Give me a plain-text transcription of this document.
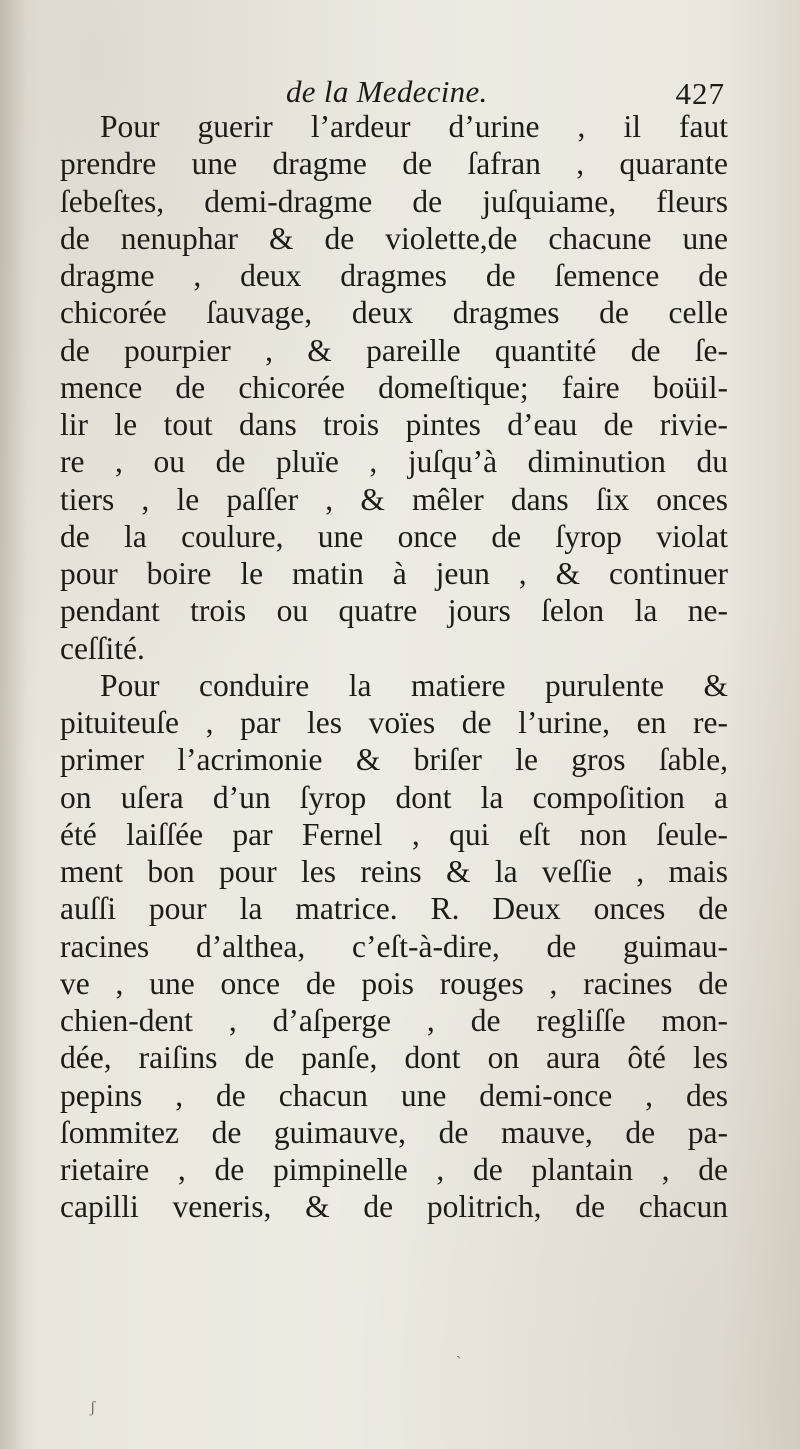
de la Medecine.	427
Pour guerir l’ardeur d’urine , il faut
prendre une dragme de ſafran , quarante
ſebeſtes, demi-dragme de juſquiame, fleurs
de nenuphar & de violette,de chacune une
dragme , deux dragmes de ſemence de
chicorée ſauvage, deux dragmes de celle
de pourpier , & pareille quantité de ſe-
mence de chicorée domeſtique; faire boüil-
lir le tout dans trois pintes d’eau de rivie-
re , ou de pluïe , juſqu’à diminution du
tiers , le paſſer , & mêler dans ſix onces
de la coulure, une once de ſyrop violat
pour boire le matin à jeun , & continuer
pendant trois ou quatre jours ſelon la ne-
ceſſité.
Pour conduire la matiere purulente &
pituiteuſe , par les voïes de l’urine, en re-
primer l’acrimonie & briſer le gros ſable,
on uſera d’un ſyrop dont la compoſition a
été laiſſée par Fernel , qui eſt non ſeule-
ment bon pour les reins & la veſſie , mais
auſſi pour la matrice. R. Deux onces de
racines d’althea, c’eſt-à-dire, de guimau-
ve , une once de pois rouges , racines de
chien-dent , d’aſperge , de regliſſe mon-
dée, raiſins de panſe, dont on aura ôté les
pepins , de chacun une demi-once , des
ſommitez de guimauve, de mauve, de pa-
rietaire , de pimpinelle , de plantain , de
capilli veneris, & de politrich, de chacun
ˎ
ʃ
